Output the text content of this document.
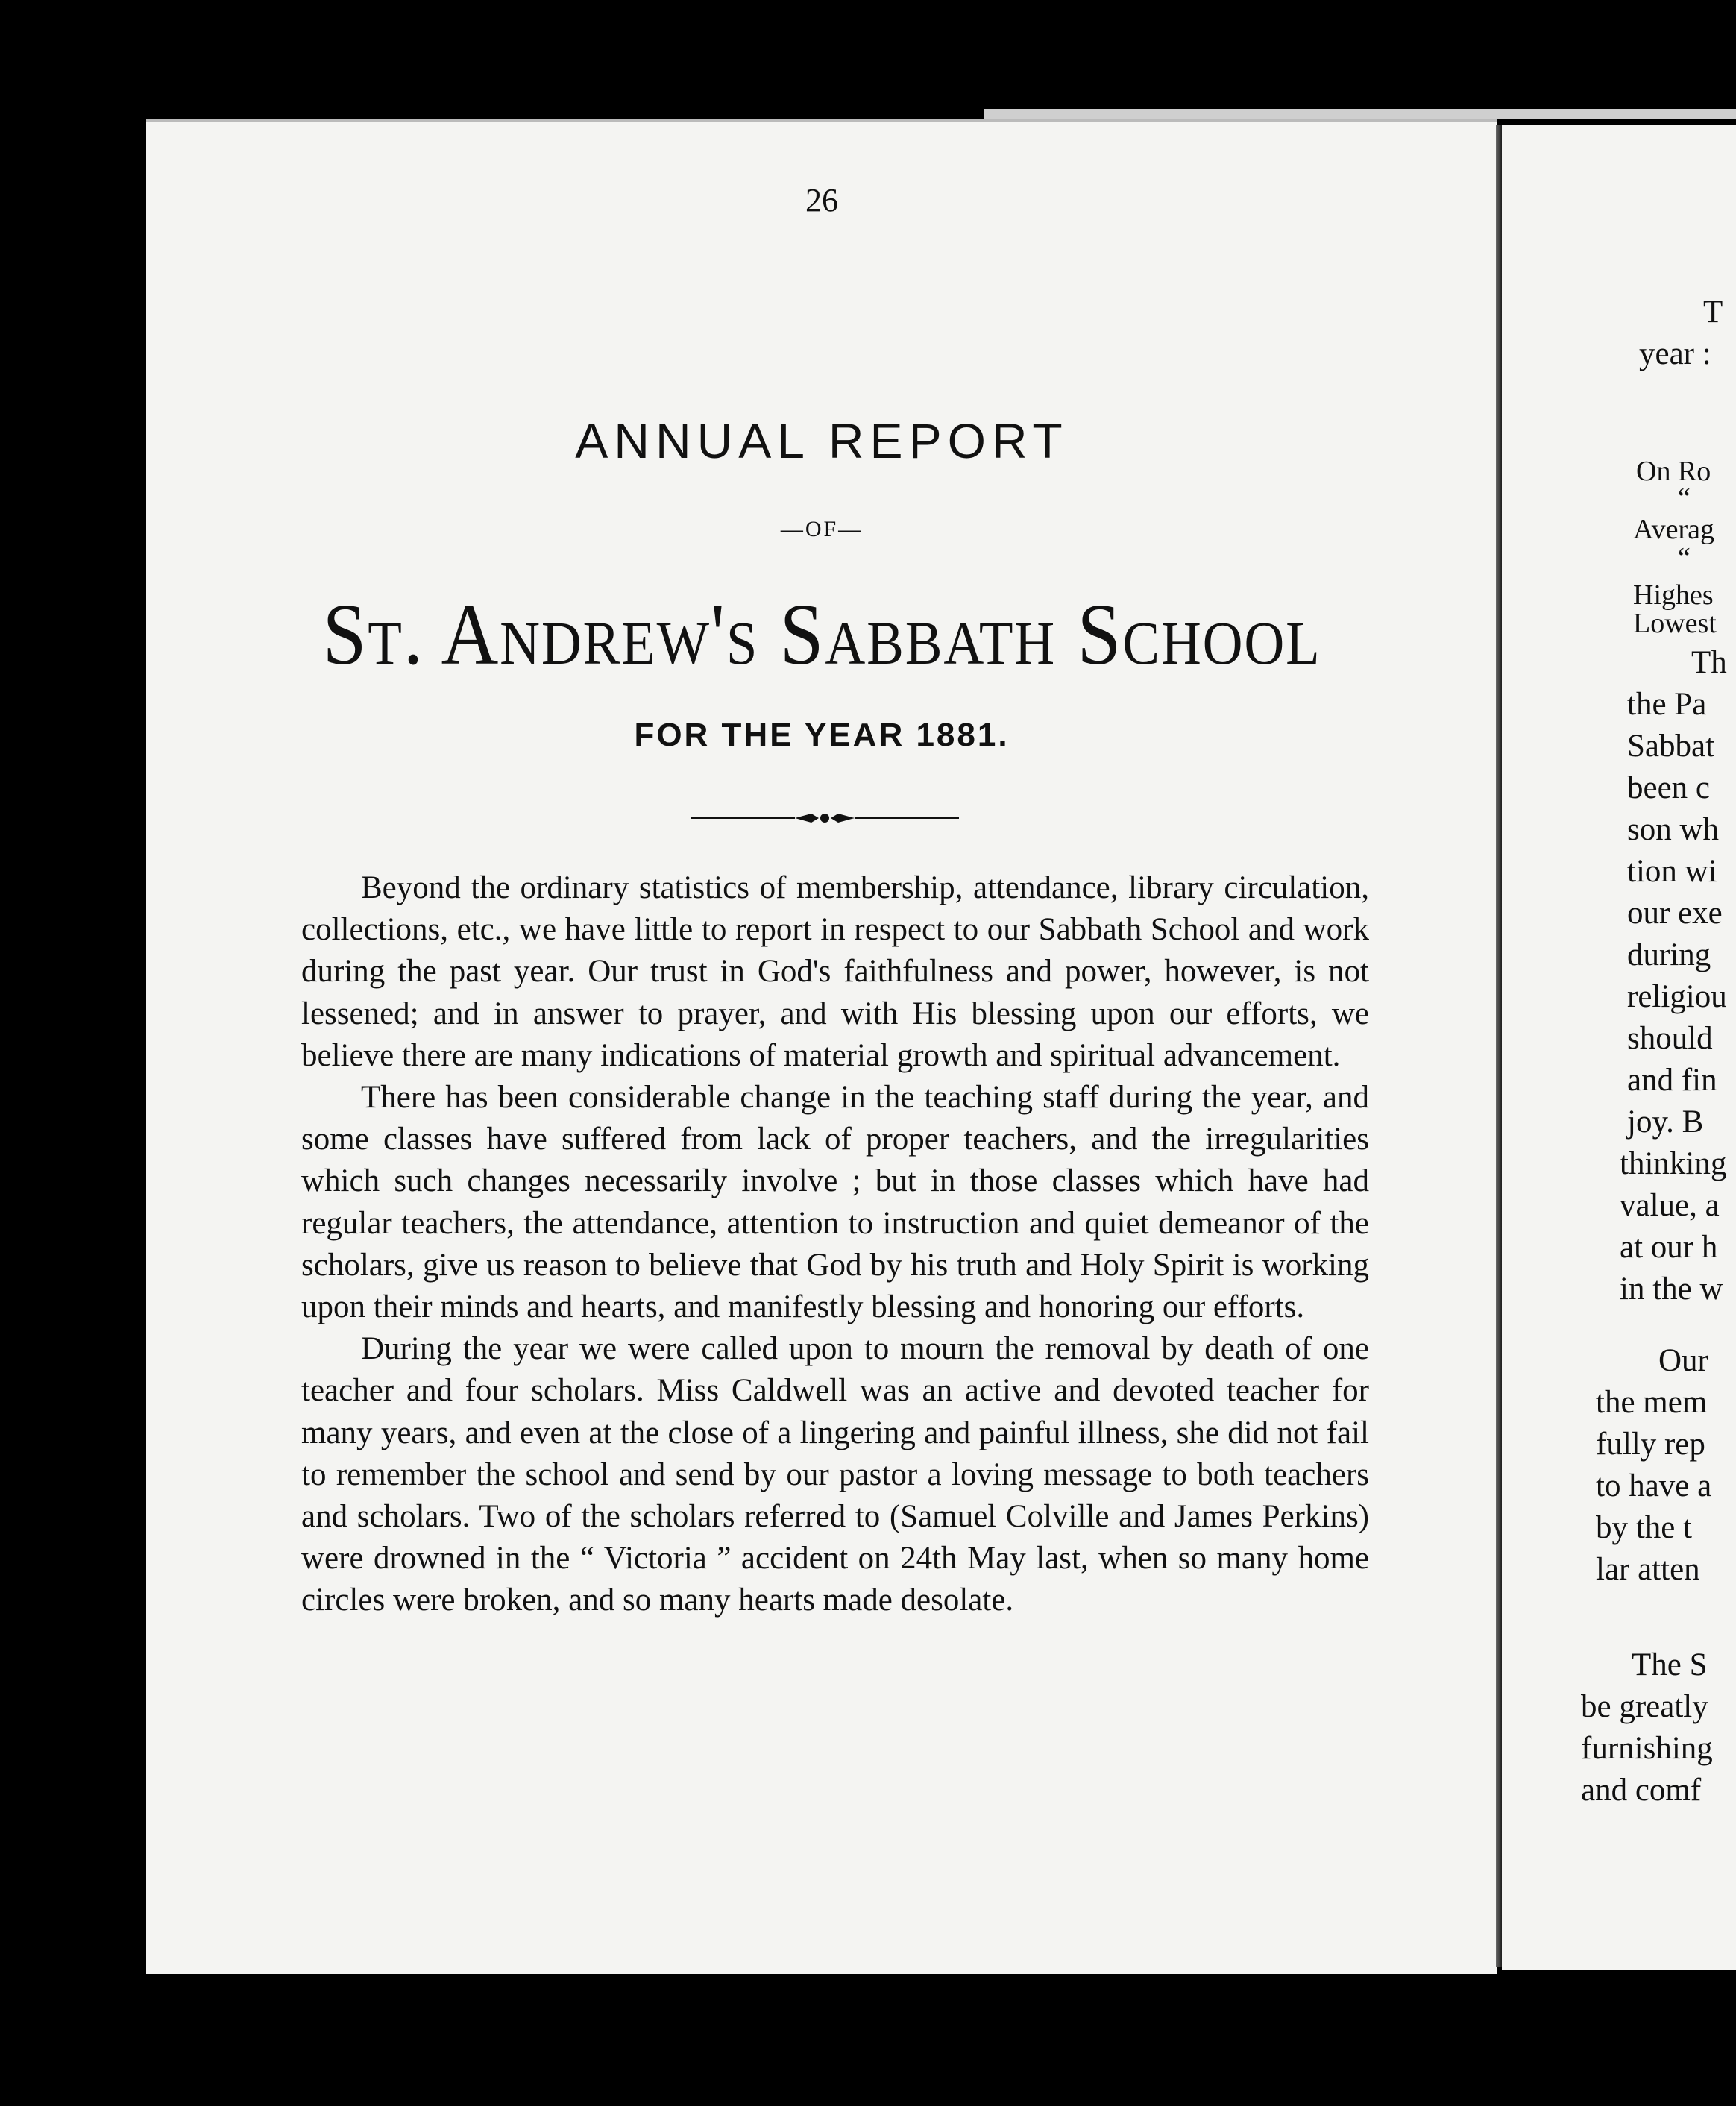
26
ANNUAL REPORT
—OF—
St. Andrew's Sabbath School
FOR THE YEAR 1881.

Beyond the ordinary statistics of membership, attendance, library circulation, collections, etc., we have little to report in respect to our Sabbath School and work during the past year. Our trust in God's faithfulness and power, however, is not lessened; and in answer to prayer, and with His blessing upon our efforts, we believe there are many indications of material growth and spiritual advancement.

There has been considerable change in the teaching staff during the year, and some classes have suffered from lack of proper teachers, and the irregularities which such changes necessarily involve ; but in those classes which have had regular teachers, the attendance, attention to instruction and quiet demeanor of the scholars, give us reason to believe that God by his truth and Holy Spirit is working upon their minds and hearts, and manifestly blessing and honoring our efforts.

During the year we were called upon to mourn the removal by death of one teacher and four scholars. Miss Caldwell was an active and devoted teacher for many years, and even at the close of a lingering and painful illness, she did not fail to remember the school and send by our pastor a loving message to both teachers and scholars. Two of the scholars referred to (Samuel Colville and James Perkins) were drowned in the “ Victoria ” accident on 24th May last, when so many home circles were broken, and so many hearts made desolate.

T
year :
On Ro
“
Averag
“
Highes
Lowest
Th
the Pa
Sabbat
been c
son wh
tion wi
our exe
during
religiou
should
and fin
joy. B
thinking
value, a
at our h
in the w
Our
the mem
fully rep
to have a
by the t
lar atten
The S
be greatly
furnishing
and comf
